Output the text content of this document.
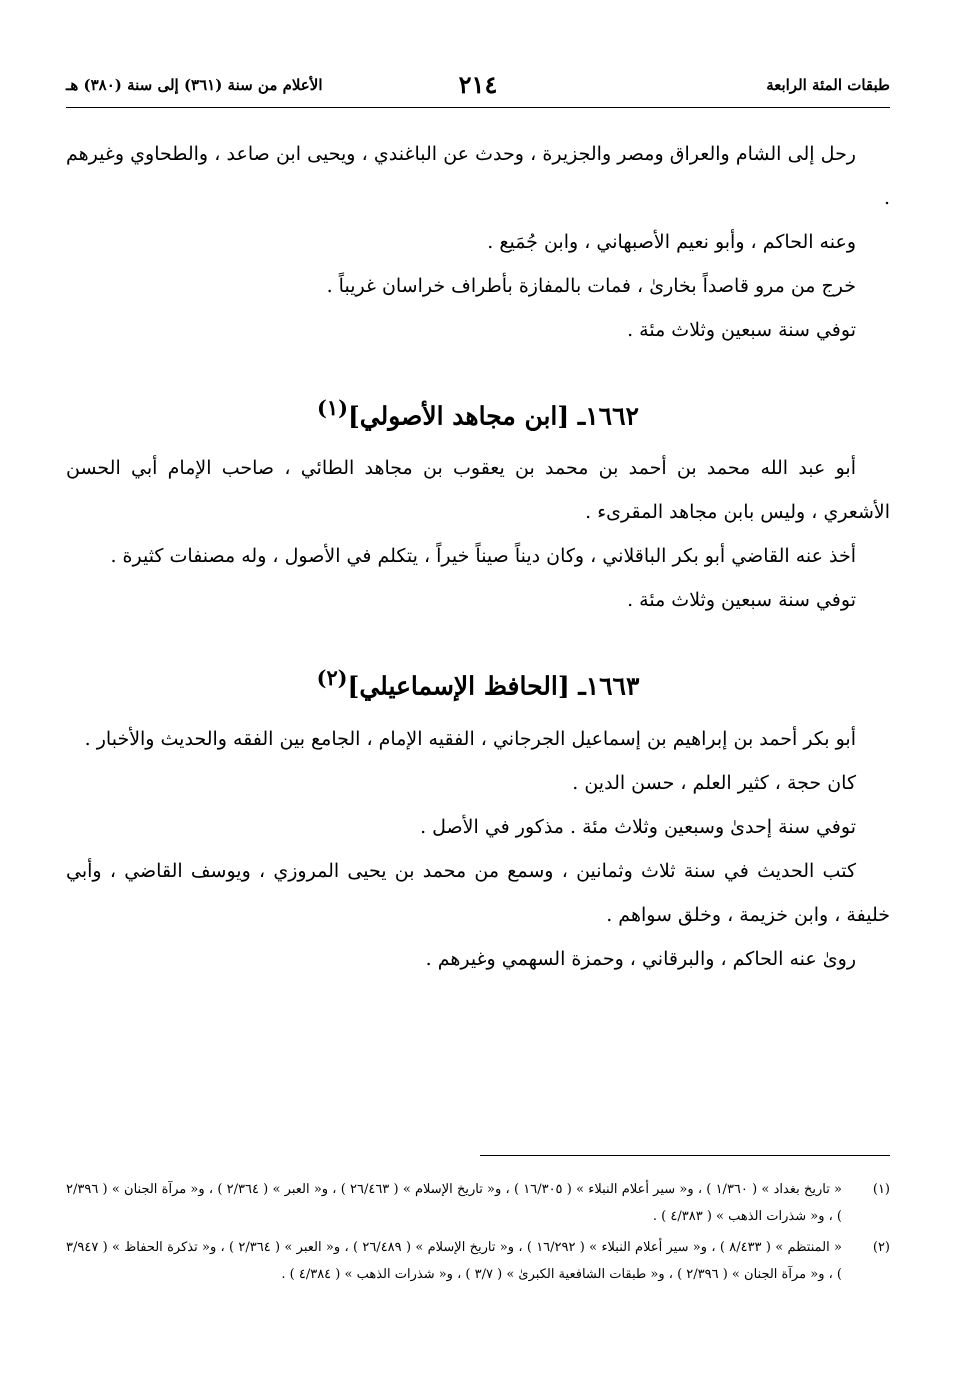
طبقات المئة الرابعة
٢١٤
الأعلام من سنة (٣٦١) إلى سنة (٣٨٠) هـ

رحل إلى الشام والعراق ومصر والجزيرة ، وحدث عن الباغندي ، ويحيى ابن صاعد ، والطحاوي وغيرهم .

وعنه الحاكم ، وأبو نعيم الأصبهاني ، وابن جُمَيع .

خرج من مرو قاصداً بخارىٰ ، فمات بالمفازة بأطراف خراسان غريباً .

توفي سنة سبعين وثلاث مئة .

١٦٦٢ـ [ابن مجاهد الأصولي]$^{(١)}$

أبو عبد الله محمد بن أحمد بن محمد بن يعقوب بن مجاهد الطائي ، صاحب الإمام أبي الحسن الأشعري ، وليس بابن مجاهد المقرىء .

أخذ عنه القاضي أبو بكر الباقلاني ، وكان ديناً صيناً خيراً ، يتكلم في الأصول ، وله مصنفات كثيرة .

توفي سنة سبعين وثلاث مئة .

١٦٦٣ـ [الحافظ الإسماعيلي]$^{(٢)}$

أبو بكر أحمد بن إبراهيم بن إسماعيل الجرجاني ، الفقيه الإمام ، الجامع بين الفقه والحديث والأخبار .

كان حجة ، كثير العلم ، حسن الدين .

توفي سنة إحدىٰ وسبعين وثلاث مئة . مذكور في الأصل .

كتب الحديث في سنة ثلاث وثمانين ، وسمع من محمد بن يحيى المروزي ، ويوسف القاضي ، وأبي خليفة ، وابن خزيمة ، وخلق سواهم .

روىٰ عنه الحاكم ، والبرقاني ، وحمزة السهمي وغيرهم .

(١)
« تاريخ بغداد » ( ١/٣٦٠ ) ، و« سير أعلام النبلاء » ( ١٦/٣٠٥ ) ، و« تاريخ الإسلام » ( ٢٦/٤٦٣ ) ، و« العبر » ( ٢/٣٦٤ ) ، و« مرآة الجنان » ( ٢/٣٩٦ ) ، و« شذرات الذهب » ( ٤/٣٨٣ ) .
(٢)
« المنتظم » ( ٨/٤٣٣ ) ، و« سير أعلام النبلاء » ( ١٦/٢٩٢ ) ، و« تاريخ الإسلام » ( ٢٦/٤٨٩ ) ، و« العبر » ( ٢/٣٦٤ ) ، و« تذكرة الحفاظ » ( ٣/٩٤٧ ) ، و« مرآة الجنان » ( ٢/٣٩٦ ) ، و« طبقات الشافعية الكبرىٰ » ( ٣/٧ ) ، و« شذرات الذهب » ( ٤/٣٨٤ ) .
